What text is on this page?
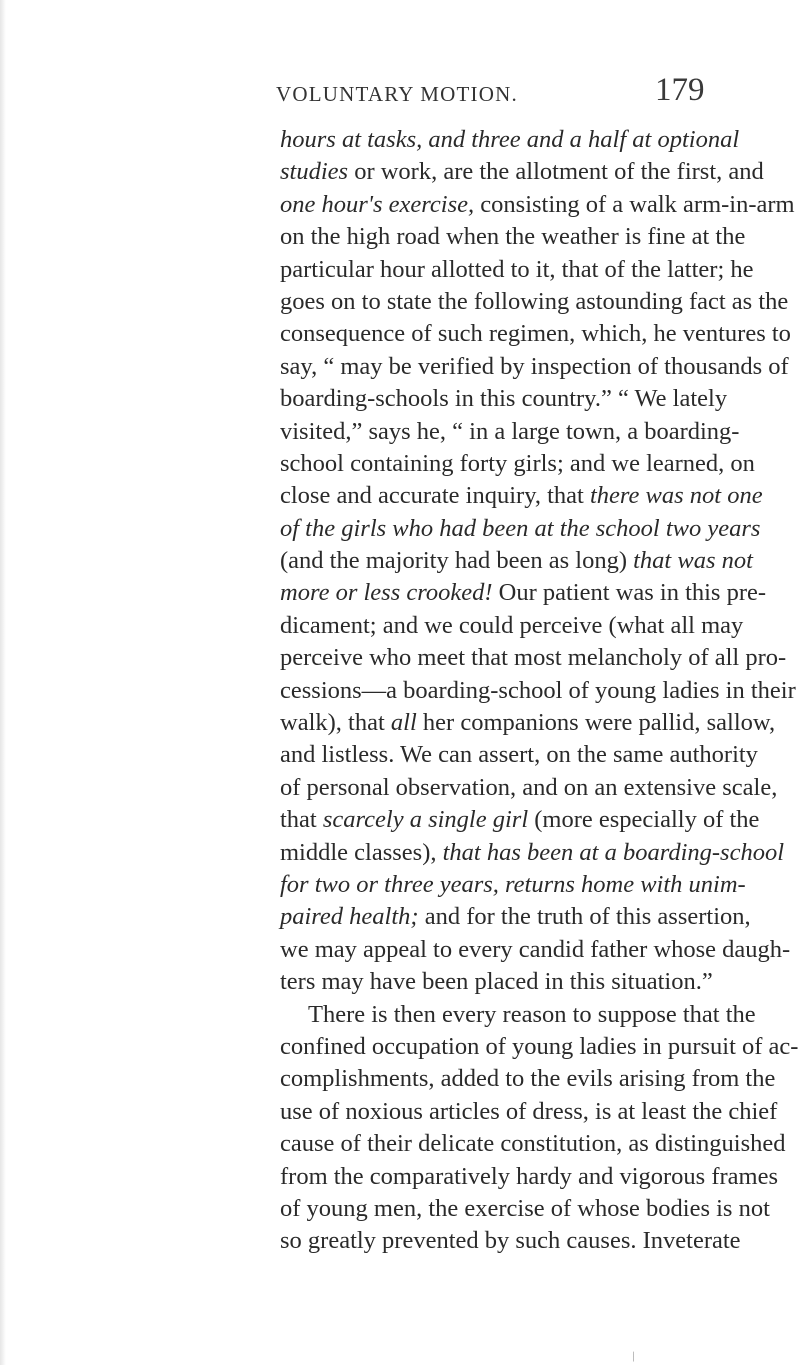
VOLUNTARY MOTION.	179
hours at tasks, and three and a half at optional
studies or work, are the allotment of the first, and
one hour's exercise, consisting of a walk arm-in-arm
on the high road when the weather is fine at the
particular hour allotted to it, that of the latter; he
goes on to state the following astounding fact as the
consequence of such regimen, which, he ventures to
say, “ may be verified by inspection of thousands of
boarding-schools in this country.” “ We lately
visited,” says he, “ in a large town, a boarding-
school containing forty girls; and we learned, on
close and accurate inquiry, that there was not one
of the girls who had been at the school two years
(and the majority had been as long) that was not
more or less crooked! Our patient was in this pre-
dicament; and we could perceive (what all may
perceive who meet that most melancholy of all pro-
cessions—a boarding-school of young ladies in their
walk), that all her companions were pallid, sallow,
and listless. We can assert, on the same authority
of personal observation, and on an extensive scale,
that scarcely a single girl (more especially of the
middle classes), that has been at a boarding-school
for two or three years, returns home with unim-
paired health; and for the truth of this assertion,
we may appeal to every candid father whose daugh-
ters may have been placed in this situation.”
There is then every reason to suppose that the
confined occupation of young ladies in pursuit of ac-
complishments, added to the evils arising from the
use of noxious articles of dress, is at least the chief
cause of their delicate constitution, as distinguished
from the comparatively hardy and vigorous frames
of young men, the exercise of whose bodies is not
so greatly prevented by such causes. Inveterate
/
